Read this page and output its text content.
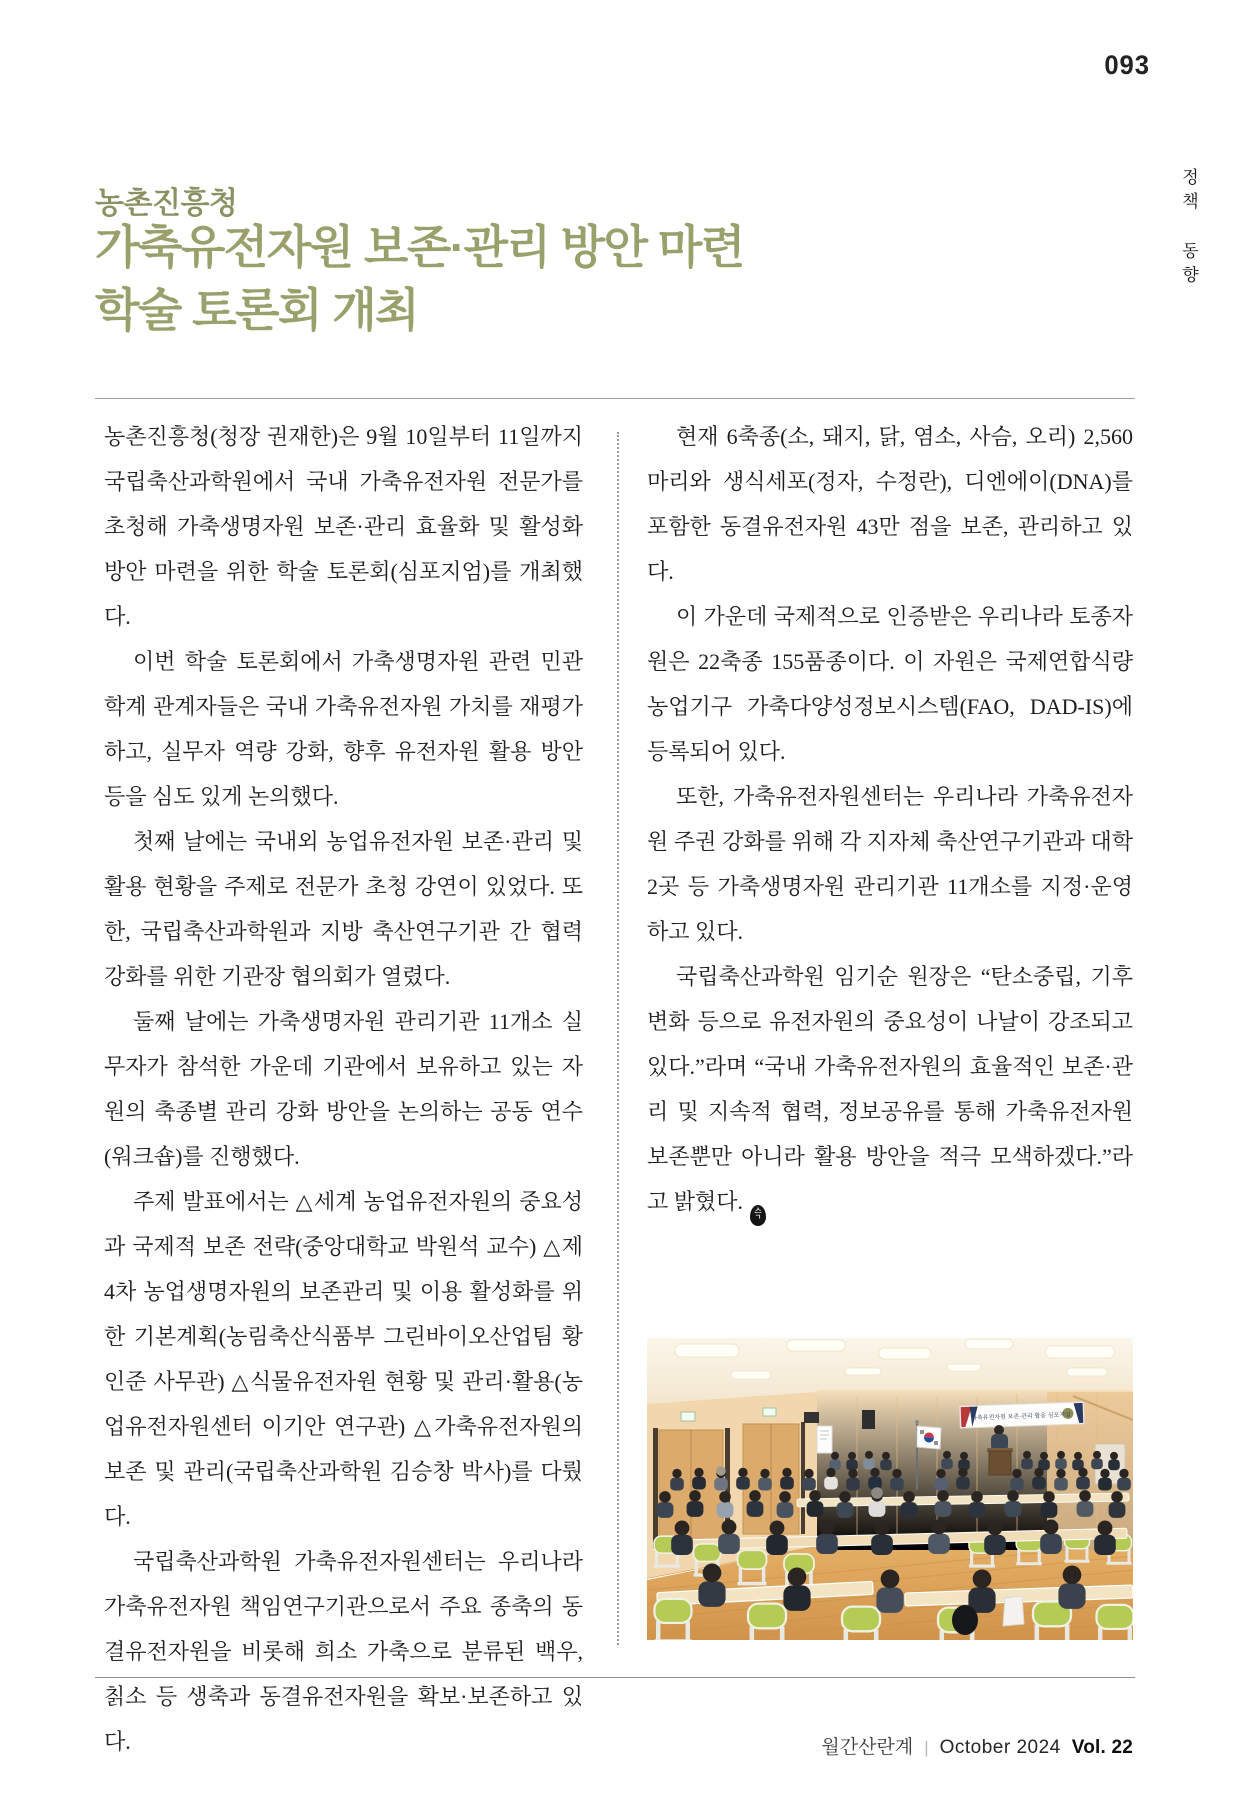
093
정책 동향
농촌진흥청
가축유전자원 보존·관리 방안 마련
학술 토론회 개최

농촌진흥청(청장 권재한)은 9월 10일부터 11일까지 국립축산과학원에서 국내 가축유전자원 전문가를 초청해 가축생명자원 보존·관리 효율화 및 활성화 방안 마련을 위한 학술 토론회(심포지엄)를 개최했다.

이번 학술 토론회에서 가축생명자원 관련 민관 학계 관계자들은 국내 가축유전자원 가치를 재평가하고, 실무자 역량 강화, 향후 유전자원 활용 방안 등을 심도 있게 논의했다.

첫째 날에는 국내외 농업유전자원 보존·관리 및 활용 현황을 주제로 전문가 초청 강연이 있었다. 또한, 국립축산과학원과 지방 축산연구기관 간 협력 강화를 위한 기관장 협의회가 열렸다.

둘째 날에는 가축생명자원 관리기관 11개소 실무자가 참석한 가운데 기관에서 보유하고 있는 자원의 축종별 관리 강화 방안을 논의하는 공동 연수(워크숍)를 진행했다.

주제 발표에서는 △세계 농업유전자원의 중요성과 국제적 보존 전략(중앙대학교 박원석 교수) △제4차 농업생명자원의 보존관리 및 이용 활성화를 위한 기본계획(농림축산식품부 그린바이오산업팀 황인준 사무관) △식물유전자원 현황 및 관리·활용(농업유전자원센터 이기안 연구관) △가축유전자원의 보존 및 관리(국립축산과학원 김승창 박사)를 다뤘다.

국립축산과학원 가축유전자원센터는 우리나라 가축유전자원 책임연구기관으로서 주요 종축의 동결유전자원을 비롯해 희소 가축으로 분류된 백우, 칡소 등 생축과 동결유전자원을 확보·보존하고 있다.

현재 6축종(소, 돼지, 닭, 염소, 사슴, 오리) 2,560마리와 생식세포(정자, 수정란), 디엔에이(DNA)를 포함한 동결유전자원 43만 점을 보존, 관리하고 있다.

이 가운데 국제적으로 인증받은 우리나라 토종자원은 22축종 155품종이다. 이 자원은 국제연합식량농업기구 가축다양성정보시스템(FAO, DAD-IS)에 등록되어 있다.

또한, 가축유전자원센터는 우리나라 가축유전자원 주권 강화를 위해 각 지자체 축산연구기관과 대학 2곳 등 가축생명자원 관리기관 11개소를 지정·운영하고 있다.

국립축산과학원 임기순 원장은 “탄소중립, 기후변화 등으로 유전자원의 중요성이 나날이 강조되고 있다.”라며 “국내 가축유전자원의 효율적인 보존·관리 및 지속적 협력, 정보공유를 통해 가축유전자원 보존뿐만 아니라 활용 방안을 적극 모색하겠다.”라고 밝혔다. 스
ㄱ

가축유전자원 보존·관리 활용 심포지엄
월간산란계 | October 2024 Vol. 22
